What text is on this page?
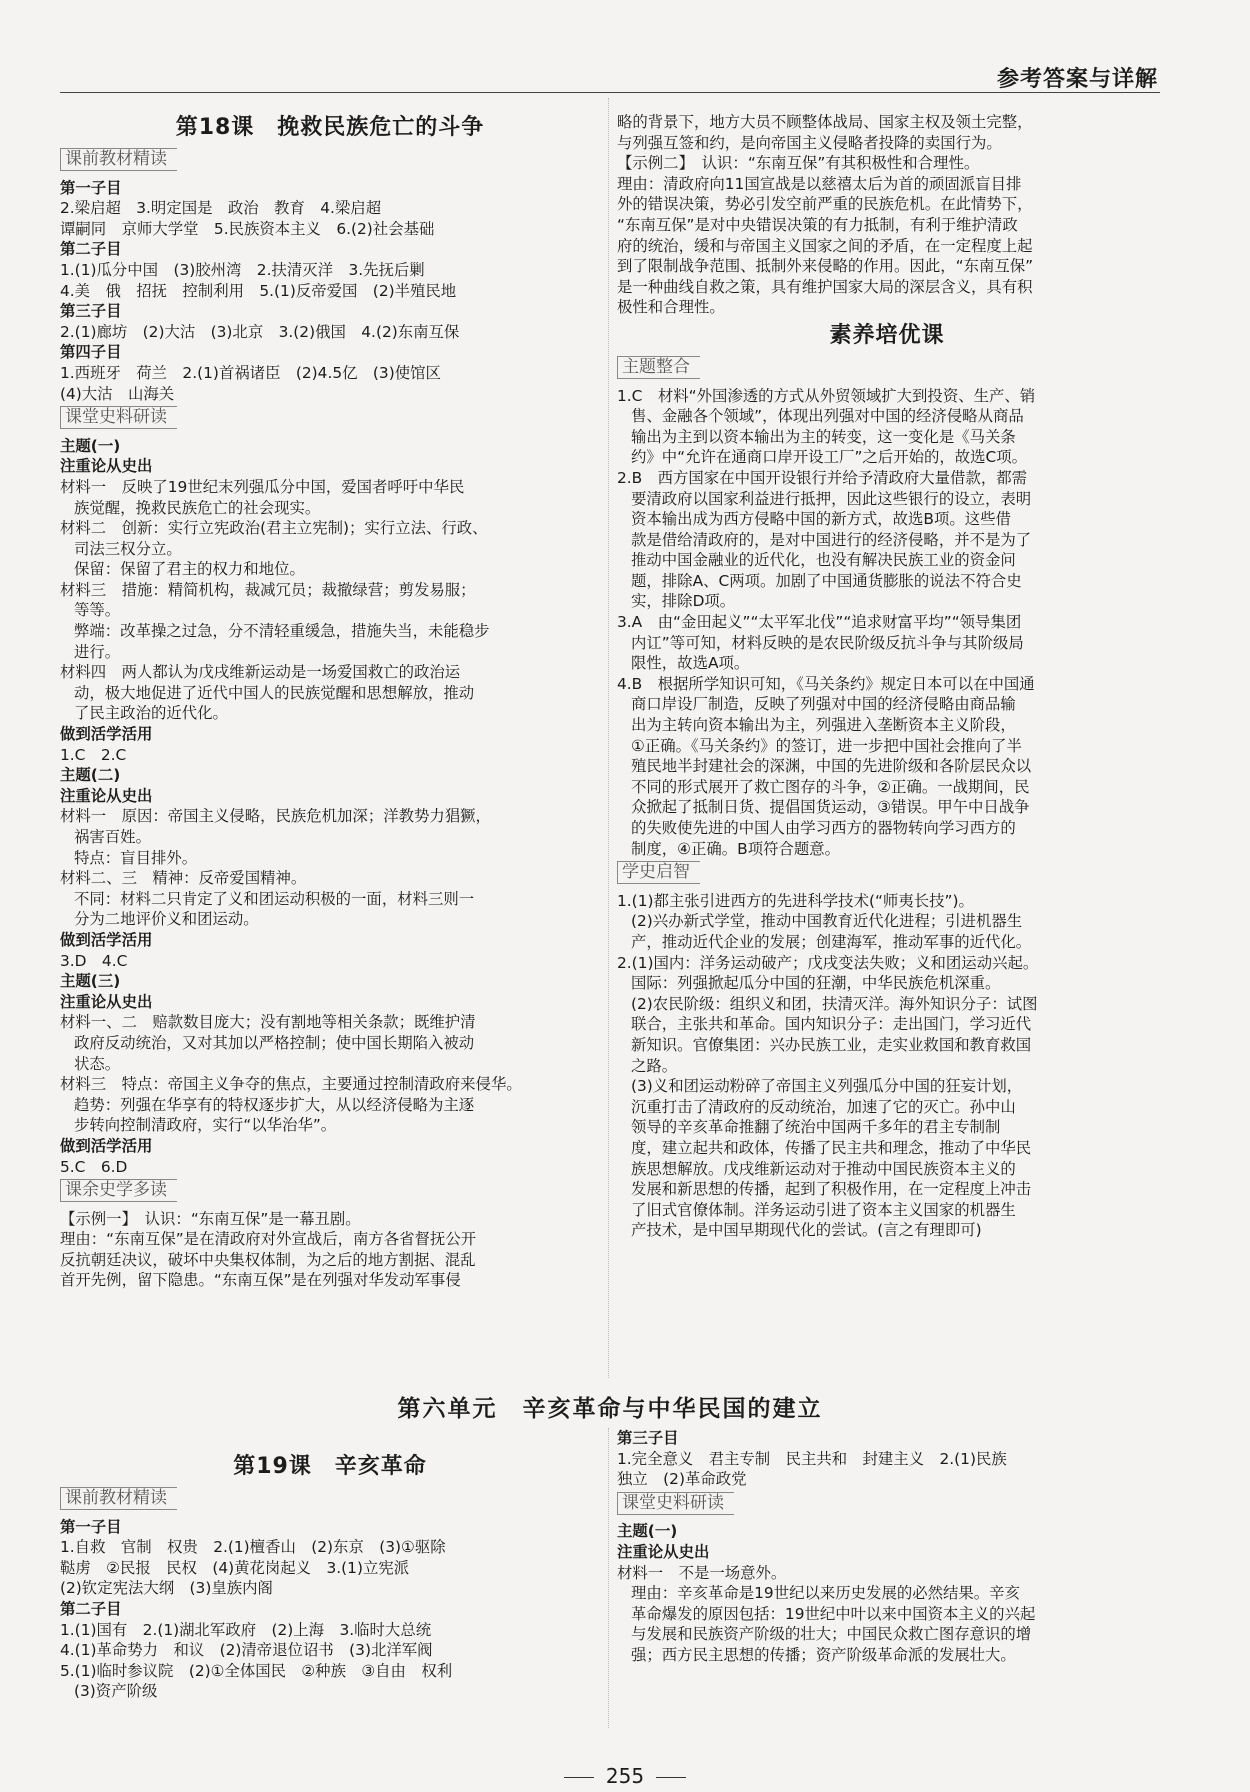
参考答案与详解
第18课　挽救民族危亡的斗争
课前教材精读

第一子目
2.梁启超　3.明定国是　政治　教育　4.梁启超
谭嗣同　京师大学堂　5.民族资本主义　6.(2)社会基础
第二子目
1.(1)瓜分中国　(3)胶州湾　2.扶清灭洋　3.先抚后剿
4.美　俄　招抚　控制利用　5.(1)反帝爱国　(2)半殖民地
第三子目
2.(1)廊坊　(2)大沽　(3)北京　3.(2)俄国　4.(2)东南互保
第四子目
1.西班牙　荷兰　2.(1)首祸诸臣　(2)4.5亿　(3)使馆区
(4)大沽　山海关
课堂史料研读

主题(一)
注重论从史出
材料一　反映了19世纪末列强瓜分中国，爱国者呼吁中华民
族觉醒，挽救民族危亡的社会现实。
材料二　创新：实行立宪政治(君主立宪制)；实行立法、行政、
司法三权分立。
保留：保留了君主的权力和地位。
材料三　措施：精简机构，裁减冗员；裁撤绿营；剪发易服；
等等。
弊端：改革操之过急，分不清轻重缓急，措施失当，未能稳步
进行。
材料四　两人都认为戊戌维新运动是一场爱国救亡的政治运
动，极大地促进了近代中国人的民族觉醒和思想解放，推动
了民主政治的近代化。
做到活学活用
1.C　2.C
主题(二)
注重论从史出
材料一　原因：帝国主义侵略，民族危机加深；洋教势力猖獗，
祸害百姓。
特点：盲目排外。
材料二、三　精神：反帝爱国精神。
不同：材料二只肯定了义和团运动积极的一面，材料三则一
分为二地评价义和团运动。
做到活学活用
3.D　4.C
主题(三)
注重论从史出
材料一、二　赔款数目庞大；没有割地等相关条款；既维护清
政府反动统治，又对其加以严格控制；使中国长期陷入被动
状态。
材料三　特点：帝国主义争夺的焦点，主要通过控制清政府来侵华。
趋势：列强在华享有的特权逐步扩大，从以经济侵略为主逐
步转向控制清政府，实行“以华治华”。
做到活学活用
5.C　6.D
课余史学多读

【示例一】　认识：“东南互保”是一幕丑剧。
理由：“东南互保”是在清政府对外宣战后，南方各省督抚公开
反抗朝廷决议，破坏中央集权体制，为之后的地方割据、混乱
首开先例，留下隐患。“东南互保”是在列强对华发动军事侵
略的背景下，地方大员不顾整体战局、国家主权及领土完整，
与列强互签和约，是向帝国主义侵略者投降的卖国行为。
【示例二】　认识：“东南互保”有其积极性和合理性。
理由：清政府向11国宣战是以慈禧太后为首的顽固派盲目排
外的错误决策，势必引发空前严重的民族危机。在此情势下，
“东南互保”是对中央错误决策的有力抵制，有利于维护清政
府的统治，缓和与帝国主义国家之间的矛盾，在一定程度上起
到了限制战争范围、抵制外来侵略的作用。因此，“东南互保”
是一种曲线自救之策，具有维护国家大局的深层含义，具有积
极性和合理性。
素养培优课
主题整合

1.C　材料“外国渗透的方式从外贸领域扩大到投资、生产、销
售、金融各个领域”，体现出列强对中国的经济侵略从商品
输出为主到以资本输出为主的转变，这一变化是《马关条
约》中“允许在通商口岸开设工厂”之后开始的，故选C项。
2.B　西方国家在中国开设银行并给予清政府大量借款，都需
要清政府以国家利益进行抵押，因此这些银行的设立，表明
资本输出成为西方侵略中国的新方式，故选B项。这些借
款是借给清政府的，是对中国进行的经济侵略，并不是为了
推动中国金融业的近代化，也没有解决民族工业的资金问
题，排除A、C两项。加剧了中国通货膨胀的说法不符合史
实，排除D项。
3.A　由“金田起义”“太平军北伐”“追求财富平均”“领导集团
内讧”等可知，材料反映的是农民阶级反抗斗争与其阶级局
限性，故选A项。
4.B　根据所学知识可知，《马关条约》规定日本可以在中国通
商口岸设厂制造，反映了列强对中国的经济侵略由商品输
出为主转向资本输出为主，列强进入垄断资本主义阶段，
①正确。《马关条约》的签订，进一步把中国社会推向了半
殖民地半封建社会的深渊，中国的先进阶级和各阶层民众以
不同的形式展开了救亡图存的斗争，②正确。一战期间，民
众掀起了抵制日货、提倡国货运动，③错误。甲午中日战争
的失败使先进的中国人由学习西方的器物转向学习西方的
制度，④正确。B项符合题意。
学史启智

1.(1)都主张引进西方的先进科学技术(“师夷长技”)。
(2)兴办新式学堂，推动中国教育近代化进程；引进机器生
产，推动近代企业的发展；创建海军，推动军事的近代化。
2.(1)国内：洋务运动破产；戊戌变法失败；义和团运动兴起。
国际：列强掀起瓜分中国的狂潮，中华民族危机深重。
(2)农民阶级：组织义和团，扶清灭洋。海外知识分子：试图
联合，主张共和革命。国内知识分子：走出国门，学习近代
新知识。官僚集团：兴办民族工业，走实业救国和教育救国
之路。
(3)义和团运动粉碎了帝国主义列强瓜分中国的狂妄计划，
沉重打击了清政府的反动统治，加速了它的灭亡。孙中山
领导的辛亥革命推翻了统治中国两千多年的君主专制制
度，建立起共和政体，传播了民主共和理念，推动了中华民
族思想解放。戊戌维新运动对于推动中国民族资本主义的
发展和新思想的传播，起到了积极作用，在一定程度上冲击
了旧式官僚体制。洋务运动引进了资本主义国家的机器生
产技术，是中国早期现代化的尝试。(言之有理即可)
第六单元　辛亥革命与中华民国的建立
第19课　辛亥革命
课前教材精读

第一子目
1.自救　官制　权贵　2.(1)檀香山　(2)东京　(3)①驱除
鞑虏　②民报　民权　(4)黄花岗起义　3.(1)立宪派
(2)钦定宪法大纲　(3)皇族内阁
第二子目
1.(1)国有　2.(1)湖北军政府　(2)上海　3.临时大总统
4.(1)革命势力　和议　(2)清帝退位诏书　(3)北洋军阀
5.(1)临时参议院　(2)①全体国民　②种族　③自由　权利
(3)资产阶级
第三子目
1.完全意义　君主专制　民主共和　封建主义　2.(1)民族
独立　(2)革命政党
课堂史料研读

主题(一)
注重论从史出
材料一　不是一场意外。
理由：辛亥革命是19世纪以来历史发展的必然结果。辛亥
革命爆发的原因包括：19世纪中叶以来中国资本主义的兴起
与发展和民族资产阶级的壮大；中国民众救亡图存意识的增
强；西方民主思想的传播；资产阶级革命派的发展壮大。
255
